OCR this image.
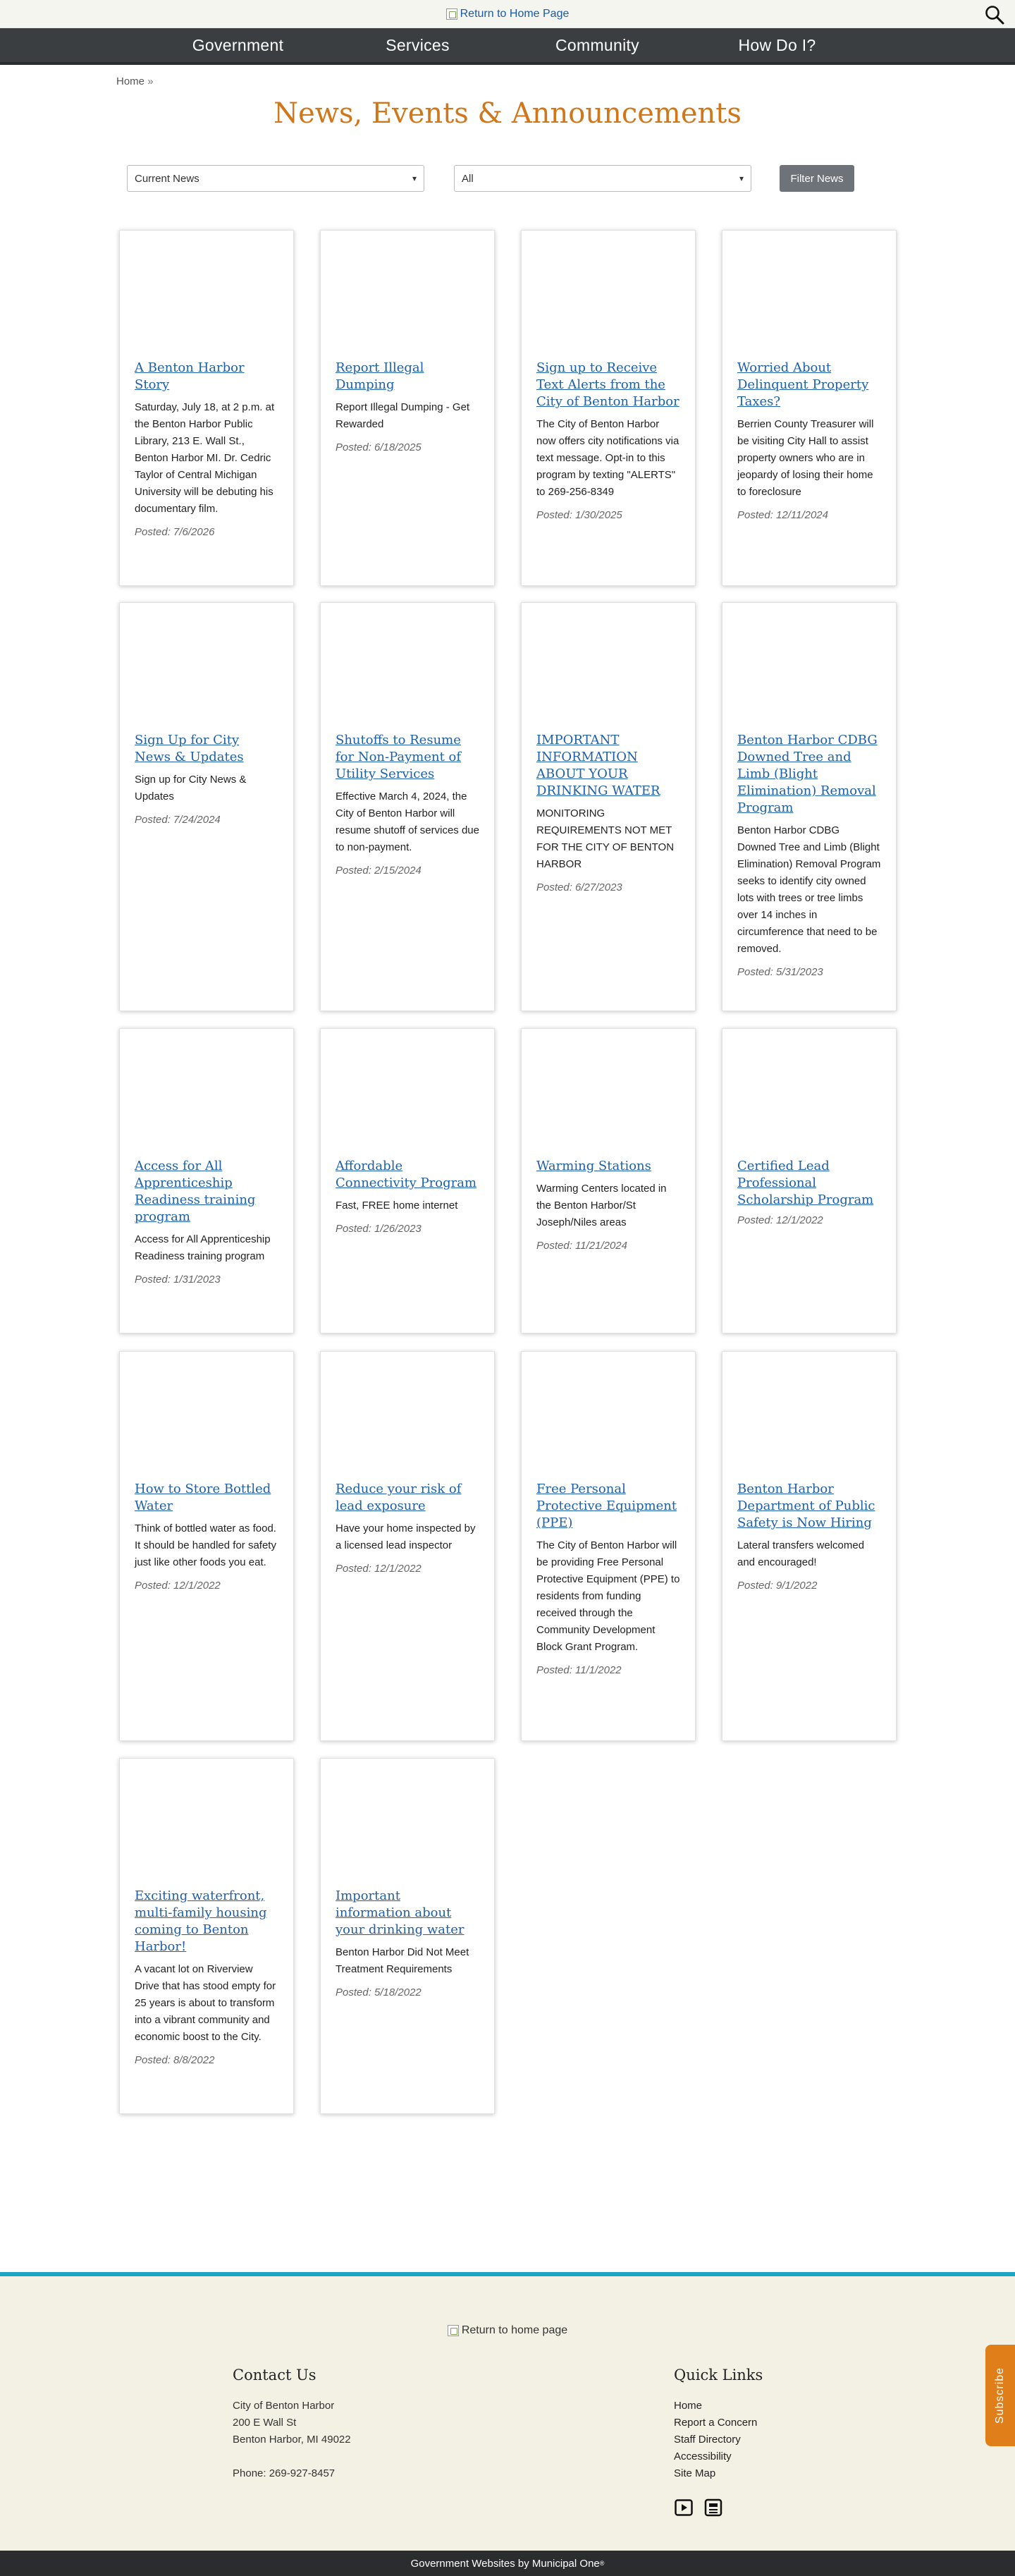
Return to Home Page
Government	Services	Community	How Do I?
Home »
News, Events & Announcements
Current News	▾	All	▾	Filter News
A Benton Harbor Story

Saturday, July 18, at 2 p.m. at the Benton Harbor Public Library, 213 E. Wall St., Benton Harbor MI. Dr. Cedric Taylor of Central Michigan University will be debuting his documentary film.

Posted: 7/6/2026

Report Illegal Dumping

Report Illegal Dumping - Get Rewarded

Posted: 6/18/2025

Sign up to Receive Text Alerts from the City of Benton Harbor

The City of Benton Harbor now offers city notifications via text message. Opt-in to this program by texting "ALERTS" to 269-256-8349

Posted: 1/30/2025

Worried About Delinquent Property Taxes?

Berrien County Treasurer will be visiting City Hall to assist property owners who are in jeopardy of losing their home to foreclosure

Posted: 12/11/2024

Sign Up for City News & Updates

Sign up for City News & Updates

Posted: 7/24/2024

Shutoffs to Resume for Non-Payment of Utility Services

Effective March 4, 2024, the City of Benton Harbor will resume shutoff of services due to non-payment.

Posted: 2/15/2024

IMPORTANT INFORMATION ABOUT YOUR DRINKING WATER

MONITORING REQUIREMENTS NOT MET FOR THE CITY OF BENTON HARBOR

Posted: 6/27/2023

Benton Harbor CDBG Downed Tree and Limb (Blight Elimination) Removal Program

Benton Harbor CDBG Downed Tree and Limb (Blight Elimination) Removal Program seeks to identify city owned lots with trees or tree limbs over 14 inches in circumference that need to be removed.

Posted: 5/31/2023

Access for All Apprenticeship Readiness training program

Access for All Apprenticeship Readiness training program

Posted: 1/31/2023

Affordable Connectivity Program

Fast, FREE home internet

Posted: 1/26/2023

Warming Stations

Warming Centers located in the Benton Harbor/St Joseph/Niles areas

Posted: 11/21/2024

Certified Lead Professional Scholarship Program

Posted: 12/1/2022

How to Store Bottled Water

Think of bottled water as food. It should be handled for safety just like other foods you eat.

Posted: 12/1/2022

Reduce your risk of lead exposure

Have your home inspected by a licensed lead inspector

Posted: 12/1/2022

Free Personal Protective Equipment (PPE)

The City of Benton Harbor will be providing Free Personal Protective Equipment (PPE) to residents from funding received through the Community Development Block Grant Program.

Posted: 11/1/2022

Benton Harbor Department of Public Safety is Now Hiring

Lateral transfers welcomed and encouraged!

Posted: 9/1/2022

Exciting waterfront, multi-family housing coming to Benton Harbor!

A vacant lot on Riverview Drive that has stood empty for 25 years is about to transform into a vibrant community and economic boost to the City.

Posted: 8/8/2022

Important information about your drinking water

Benton Harbor Did Not Meet Treatment Requirements

Posted: 5/18/2022

Return to home page
Contact Us

City of Benton Harbor

200 E Wall St

Benton Harbor, MI 49022

Phone: 269-927-8457

Quick Links
Home
Report a Concern
Staff Directory
Accessibility
Site Map
Subscribe
Government Websites by Municipal One ®
